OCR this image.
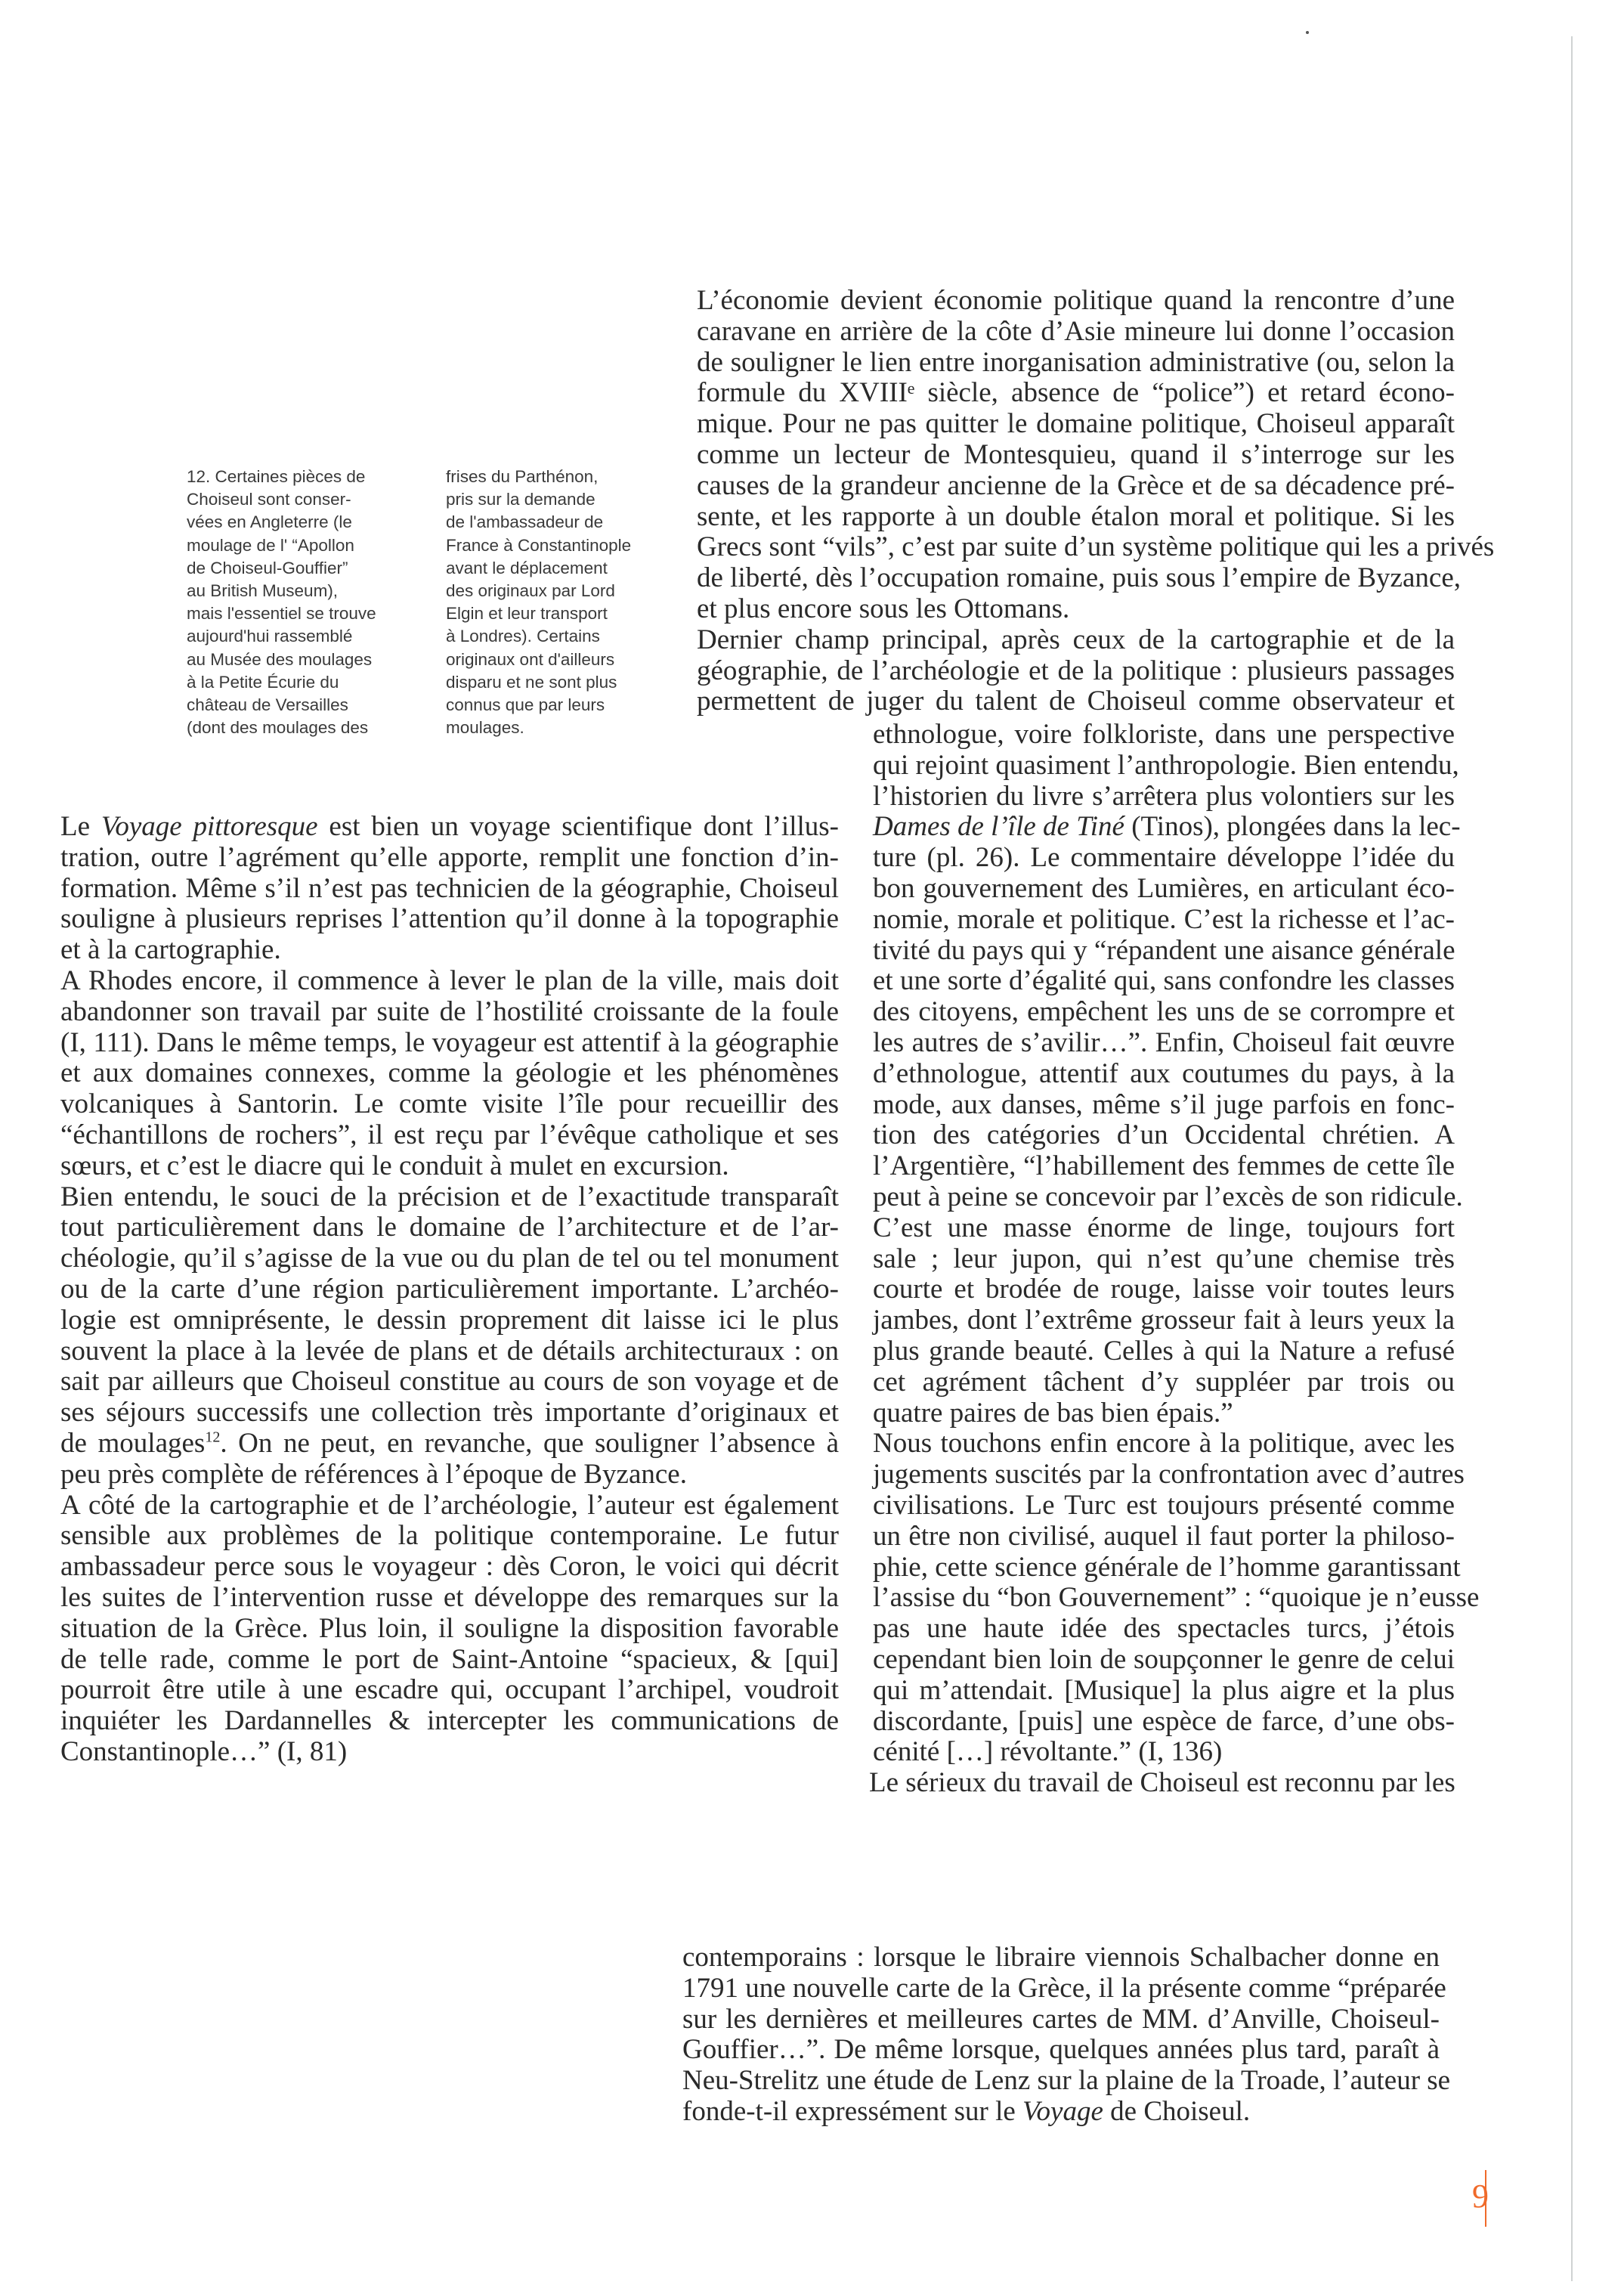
12. Certaines pièces de
Choiseul sont conser-
vées en Angleterre (le
moulage de l' “Apollon
de Choiseul-Gouffier”
au British Museum),
mais l'essentiel se trouve
aujourd'hui rassemblé
au Musée des moulages
à la Petite Écurie du
château de Versailles
(dont des moulages des
frises du Parthénon,
pris sur la demande
de l'ambassadeur de
France à Constantinople
avant le déplacement
des originaux par Lord
Elgin et leur transport
à Londres). Certains
originaux ont d'ailleurs
disparu et ne sont plus
connus que par leurs
moulages.
L’économie devient économie politique quand la rencontre d’une
caravane en arrière de la côte d’Asie mineure lui donne l’occasion
de souligner le lien entre inorganisation administrative (ou, selon la
formule du XVIIIᵉ siècle, absence de “police”) et retard écono-
mique. Pour ne pas quitter le domaine politique, Choiseul apparaît
comme un lecteur de Montesquieu, quand il s’interroge sur les
causes de la grandeur ancienne de la Grèce et de sa décadence pré-
sente, et les rapporte à un double étalon moral et politique. Si les
Grecs sont “vils”, c’est par suite d’un système politique qui les a privés
de liberté, dès l’occupation romaine, puis sous l’empire de Byzance,
et plus encore sous les Ottomans.
Dernier champ principal, après ceux de la cartographie et de la
géographie, de l’archéologie et de la politique : plusieurs passages
permettent de juger du talent de Choiseul comme observateur et
ethnologue, voire folkloriste, dans une perspective
qui rejoint quasiment l’anthropologie. Bien entendu,
l’historien du livre s’arrêtera plus volontiers sur les
Dames de l’île de Tiné (Tinos), plongées dans la lec-
ture (pl. 26). Le commentaire développe l’idée du
bon gouvernement des Lumières, en articulant éco-
nomie, morale et politique. C’est la richesse et l’ac-
tivité du pays qui y “répandent une aisance générale
et une sorte d’égalité qui, sans confondre les classes
des citoyens, empêchent les uns de se corrompre et
les autres de s’avilir…”. Enfin, Choiseul fait œuvre
d’ethnologue, attentif aux coutumes du pays, à la
mode, aux danses, même s’il juge parfois en fonc-
tion des catégories d’un Occidental chrétien. A
l’Argentière, “l’habillement des femmes de cette île
peut à peine se concevoir par l’excès de son ridicule.
C’est une masse énorme de linge, toujours fort
sale ; leur jupon, qui n’est qu’une chemise très
courte et brodée de rouge, laisse voir toutes leurs
jambes, dont l’extrême grosseur fait à leurs yeux la
plus grande beauté. Celles à qui la Nature a refusé
cet agrément tâchent d’y suppléer par trois ou
quatre paires de bas bien épais.”
Nous touchons enfin encore à la politique, avec les
jugements suscités par la confrontation avec d’autres
civilisations. Le Turc est toujours présenté comme
un être non civilisé, auquel il faut porter la philoso-
phie, cette science générale de l’homme garantissant
l’assise du “bon Gouvernement” : “quoique je n’eusse
pas une haute idée des spectacles turcs, j’étois
cependant bien loin de soupçonner le genre de celui
qui m’attendait. [Musique] la plus aigre et la plus
discordante, [puis] une espèce de farce, d’une obs-
cénité […] révoltante.” (I, 136)
Le sérieux du travail de Choiseul est reconnu par les
contemporains : lorsque le libraire viennois Schalbacher donne en
1791 une nouvelle carte de la Grèce, il la présente comme “préparée
sur les dernières et meilleures cartes de MM. d’Anville, Choiseul-
Gouffier…”. De même lorsque, quelques années plus tard, paraît à
Neu-Strelitz une étude de Lenz sur la plaine de la Troade, l’auteur se
fonde-t-il expressément sur le Voyage de Choiseul.
Le Voyage pittoresque est bien un voyage scientifique dont l’illus-
tration, outre l’agrément qu’elle apporte, remplit une fonction d’in-
formation. Même s’il n’est pas technicien de la géographie, Choiseul
souligne à plusieurs reprises l’attention qu’il donne à la topographie
et à la cartographie.
A Rhodes encore, il commence à lever le plan de la ville, mais doit
abandonner son travail par suite de l’hostilité croissante de la foule
(I, 111). Dans le même temps, le voyageur est attentif à la géographie
et aux domaines connexes, comme la géologie et les phénomènes
volcaniques à Santorin. Le comte visite l’île pour recueillir des
“échantillons de rochers”, il est reçu par l’évêque catholique et ses
sœurs, et c’est le diacre qui le conduit à mulet en excursion.
Bien entendu, le souci de la précision et de l’exactitude transparaît
tout particulièrement dans le domaine de l’architecture et de l’ar-
chéologie, qu’il s’agisse de la vue ou du plan de tel ou tel monument
ou de la carte d’une région particulièrement importante. L’archéo-
logie est omniprésente, le dessin proprement dit laisse ici le plus
souvent la place à la levée de plans et de détails architecturaux : on
sait par ailleurs que Choiseul constitue au cours de son voyage et de
ses séjours successifs une collection très importante d’originaux et
de moulages$^{12}$. On ne peut, en revanche, que souligner l’absence à
peu près complète de références à l’époque de Byzance.
A côté de la cartographie et de l’archéologie, l’auteur est également
sensible aux problèmes de la politique contemporaine. Le futur
ambassadeur perce sous le voyageur : dès Coron, le voici qui décrit
les suites de l’intervention russe et développe des remarques sur la
situation de la Grèce. Plus loin, il souligne la disposition favorable
de telle rade, comme le port de Saint-Antoine “spacieux, & [qui]
pourroit être utile à une escadre qui, occupant l’archipel, voudroit
inquiéter les Dardannelles & intercepter les communications de
Constantinople…” (I, 81)
9
